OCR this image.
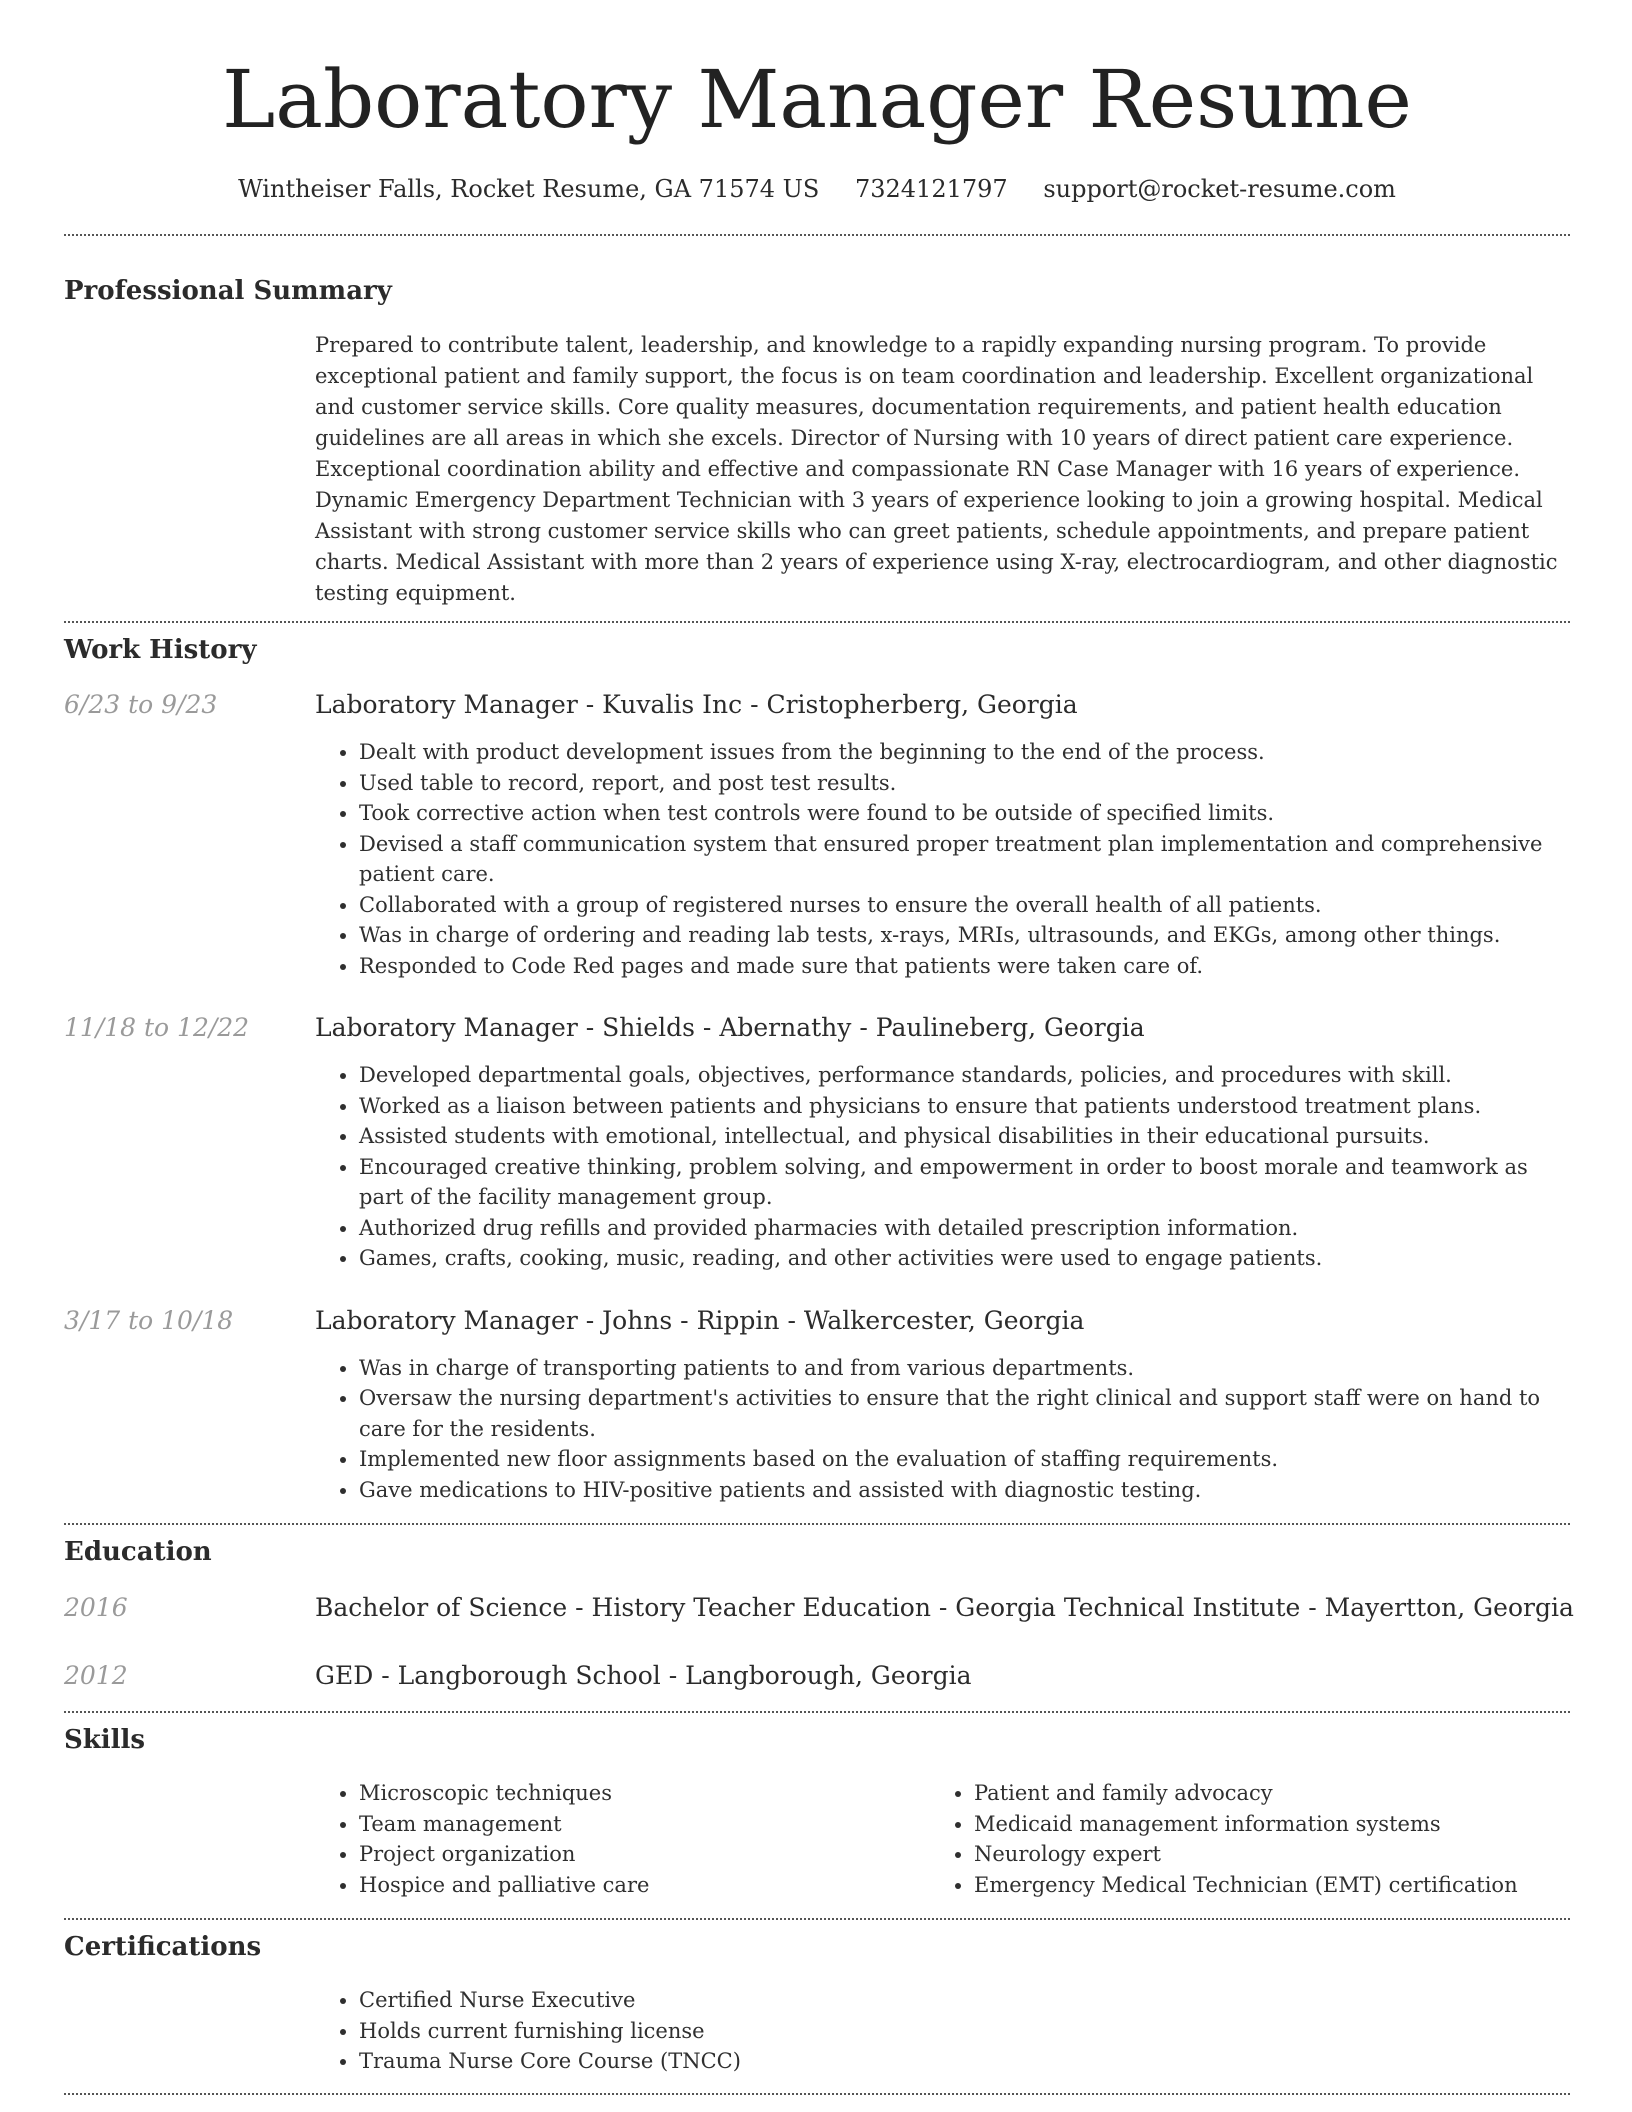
Laboratory Manager Resume
Wintheiser Falls, Rocket Resume, GA 71574 US 7324121797 support@rocket-resume.com
Professional Summary
Prepared to contribute talent, leadership, and knowledge to a rapidly expanding nursing program. To provide exceptional patient and family support, the focus is on team coordination and leadership. Excellent organizational and customer service skills. Core quality measures, documentation requirements, and patient health education guidelines are all areas in which she excels. Director of Nursing with 10 years of direct patient care experience. Exceptional coordination ability and effective and compassionate RN Case Manager with 16 years of experience. Dynamic Emergency Department Technician with 3 years of experience looking to join a growing hospital. Medical Assistant with strong customer service skills who can greet patients, schedule appointments, and prepare patient charts. Medical Assistant with more than 2 years of experience using X-ray, electrocardiogram, and other diagnostic testing equipment.
Work History
6/23 to 9/23	Laboratory Manager - Kuvalis Inc - Cristopherberg, Georgia
• Dealt with product development issues from the beginning to the end of the process.
• Used table to record, report, and post test results.
• Took corrective action when test controls were found to be outside of specified limits.
• Devised a staff communication system that ensured proper treatment plan implementation and comprehensive patient care.
• Collaborated with a group of registered nurses to ensure the overall health of all patients.
• Was in charge of ordering and reading lab tests, x-rays, MRIs, ultrasounds, and EKGs, among other things.
• Responded to Code Red pages and made sure that patients were taken care of.
11/18 to 12/22	Laboratory Manager - Shields - Abernathy - Paulineberg, Georgia
• Developed departmental goals, objectives, performance standards, policies, and procedures with skill.
• Worked as a liaison between patients and physicians to ensure that patients understood treatment plans.
• Assisted students with emotional, intellectual, and physical disabilities in their educational pursuits.
• Encouraged creative thinking, problem solving, and empowerment in order to boost morale and teamwork as part of the facility management group.
• Authorized drug refills and provided pharmacies with detailed prescription information.
• Games, crafts, cooking, music, reading, and other activities were used to engage patients.
3/17 to 10/18	Laboratory Manager - Johns - Rippin - Walkercester, Georgia
• Was in charge of transporting patients to and from various departments.
• Oversaw the nursing department's activities to ensure that the right clinical and support staff were on hand to care for the residents.
• Implemented new floor assignments based on the evaluation of staffing requirements.
• Gave medications to HIV-positive patients and assisted with diagnostic testing.
Education
2016	Bachelor of Science - History Teacher Education - Georgia Technical Institute - Mayertton, Georgia
2012	GED - Langborough School - Langborough, Georgia
Skills
• Microscopic techniques
• Team management
• Project organization
• Hospice and palliative care
• Patient and family advocacy
• Medicaid management information systems
• Neurology expert
• Emergency Medical Technician (EMT) certification
Certifications
• Certified Nurse Executive
• Holds current furnishing license
• Trauma Nurse Core Course (TNCC)
